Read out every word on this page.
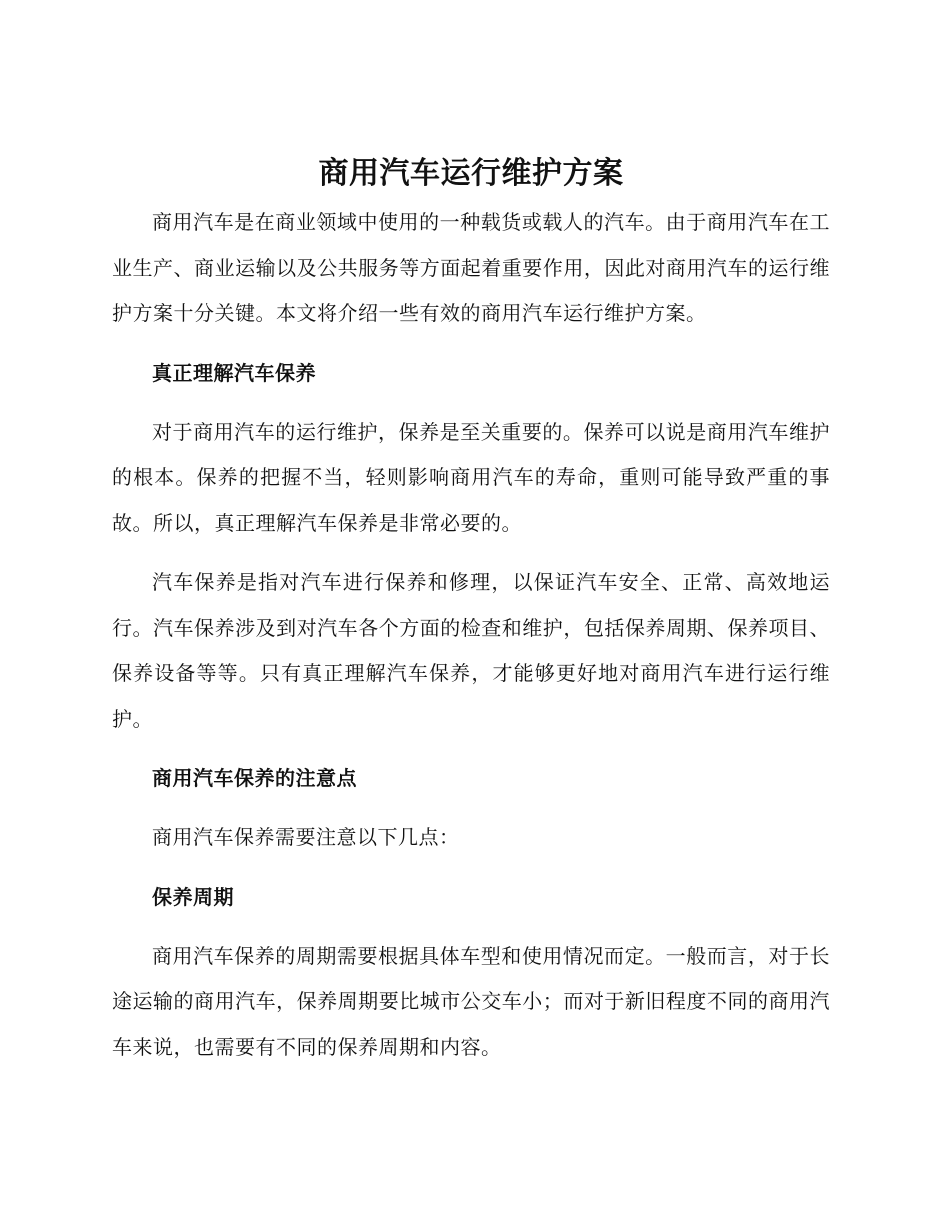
商用汽车运行维护方案

商用汽车是在商业领域中使用的一种载货或载人的汽车。由于商用汽车在工业生产、商业运输以及公共服务等方面起着重要作用，因此对商用汽车的运行维护方案十分关键。本文将介绍一些有效的商用汽车运行维护方案。

真正理解汽车保养

对于商用汽车的运行维护，保养是至关重要的。保养可以说是商用汽车维护的根本。保养的把握不当，轻则影响商用汽车的寿命，重则可能导致严重的事故。所以，真正理解汽车保养是非常必要的。

汽车保养是指对汽车进行保养和修理，以保证汽车安全、正常、高效地运行。汽车保养涉及到对汽车各个方面的检查和维护，包括保养周期、保养项目、保养设备等等。只有真正理解汽车保养，才能够更好地对商用汽车进行运行维护。

商用汽车保养的注意点

商用汽车保养需要注意以下几点：

保养周期

商用汽车保养的周期需要根据具体车型和使用情况而定。一般而言，对于长途运输的商用汽车，保养周期要比城市公交车小；而对于新旧程度不同的商用汽车来说，也需要有不同的保养周期和内容。
